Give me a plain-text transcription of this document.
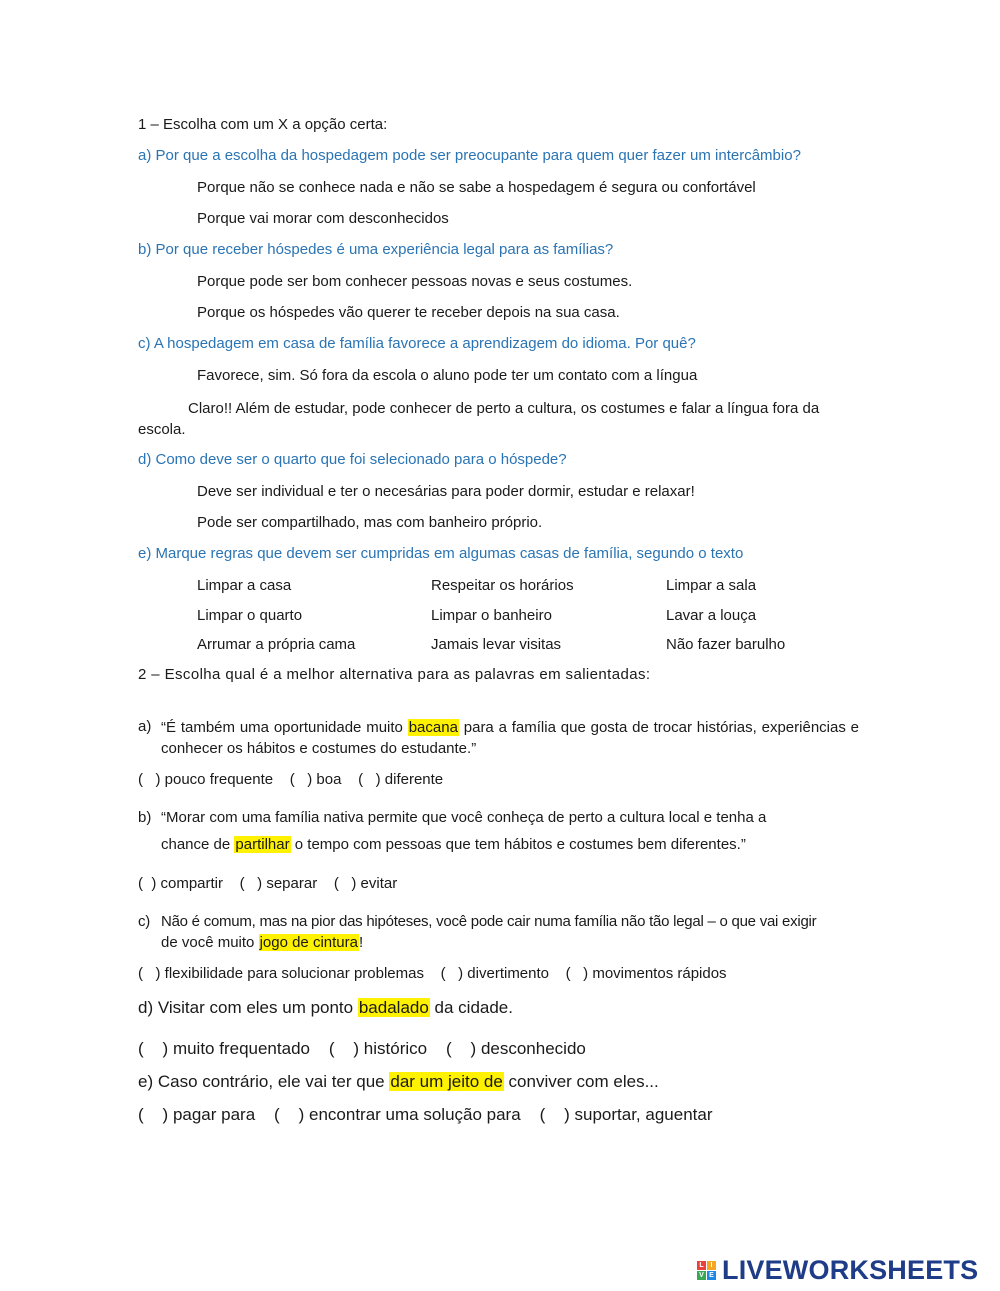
1 – Escolha com um X a opção certa:
a) Por que a escolha da hospedagem pode ser preocupante para quem quer fazer um intercâmbio?
Porque não se conhece nada e não se sabe a hospedagem é segura ou confortável
Porque vai morar com desconhecidos
b) Por que receber hóspedes é uma experiência legal para as famílias?
Porque pode ser bom conhecer pessoas novas e seus costumes.
Porque os hóspedes vão querer te receber depois na sua casa.
c) A hospedagem em casa de família favorece a aprendizagem do idioma. Por quê?
Favorece, sim. Só fora da escola o aluno pode ter um contato com a língua
Claro!! Além de estudar, pode conhecer de perto a cultura, os costumes e falar a língua fora da escola.
d) Como deve ser o quarto que foi selecionado para o hóspede?
Deve ser individual e ter o necesárias para poder dormir, estudar e relaxar!
Pode ser compartilhado, mas com banheiro próprio.
e) Marque regras que devem ser cumpridas em algumas casas de família, segundo o texto
Limpar a casa	Respeitar os horários	Limpar a sala
Limpar o quarto	Limpar o banheiro	Lavar a louça
Arrumar a própria cama	Jamais levar visitas	Não fazer barulho
2 – Escolha qual é a melhor alternativa para as palavras em salientadas:
a) “É também uma oportunidade muito bacana para a família que gosta de trocar histórias, experiências e conhecer os hábitos e costumes do estudante.”
(   ) pouco frequente    (   ) boa    (   ) diferente
b) “Morar com uma família nativa permite que você conheça de perto a cultura local e tenha a
chance de partilhar o tempo com pessoas que tem hábitos e costumes bem diferentes.”
(  ) compartir    (   ) separar    (   ) evitar
c) Não é comum, mas na pior das hipóteses, você pode cair numa família não tão legal – o que vai exigir
de você muito jogo de cintura!
(   ) flexibilidade para solucionar problemas    (   ) divertimento    (   ) movimentos rápidos
d) Visitar com eles um ponto badalado da cidade.
(    ) muito frequentado    (    ) histórico    (    ) desconhecido
e) Caso contrário, ele vai ter que dar um jeito de conviver com eles...
(    ) pagar para    (    ) encontrar uma solução para    (    ) suportar, aguentar
L I
V E LIVEWORKSHEETS
